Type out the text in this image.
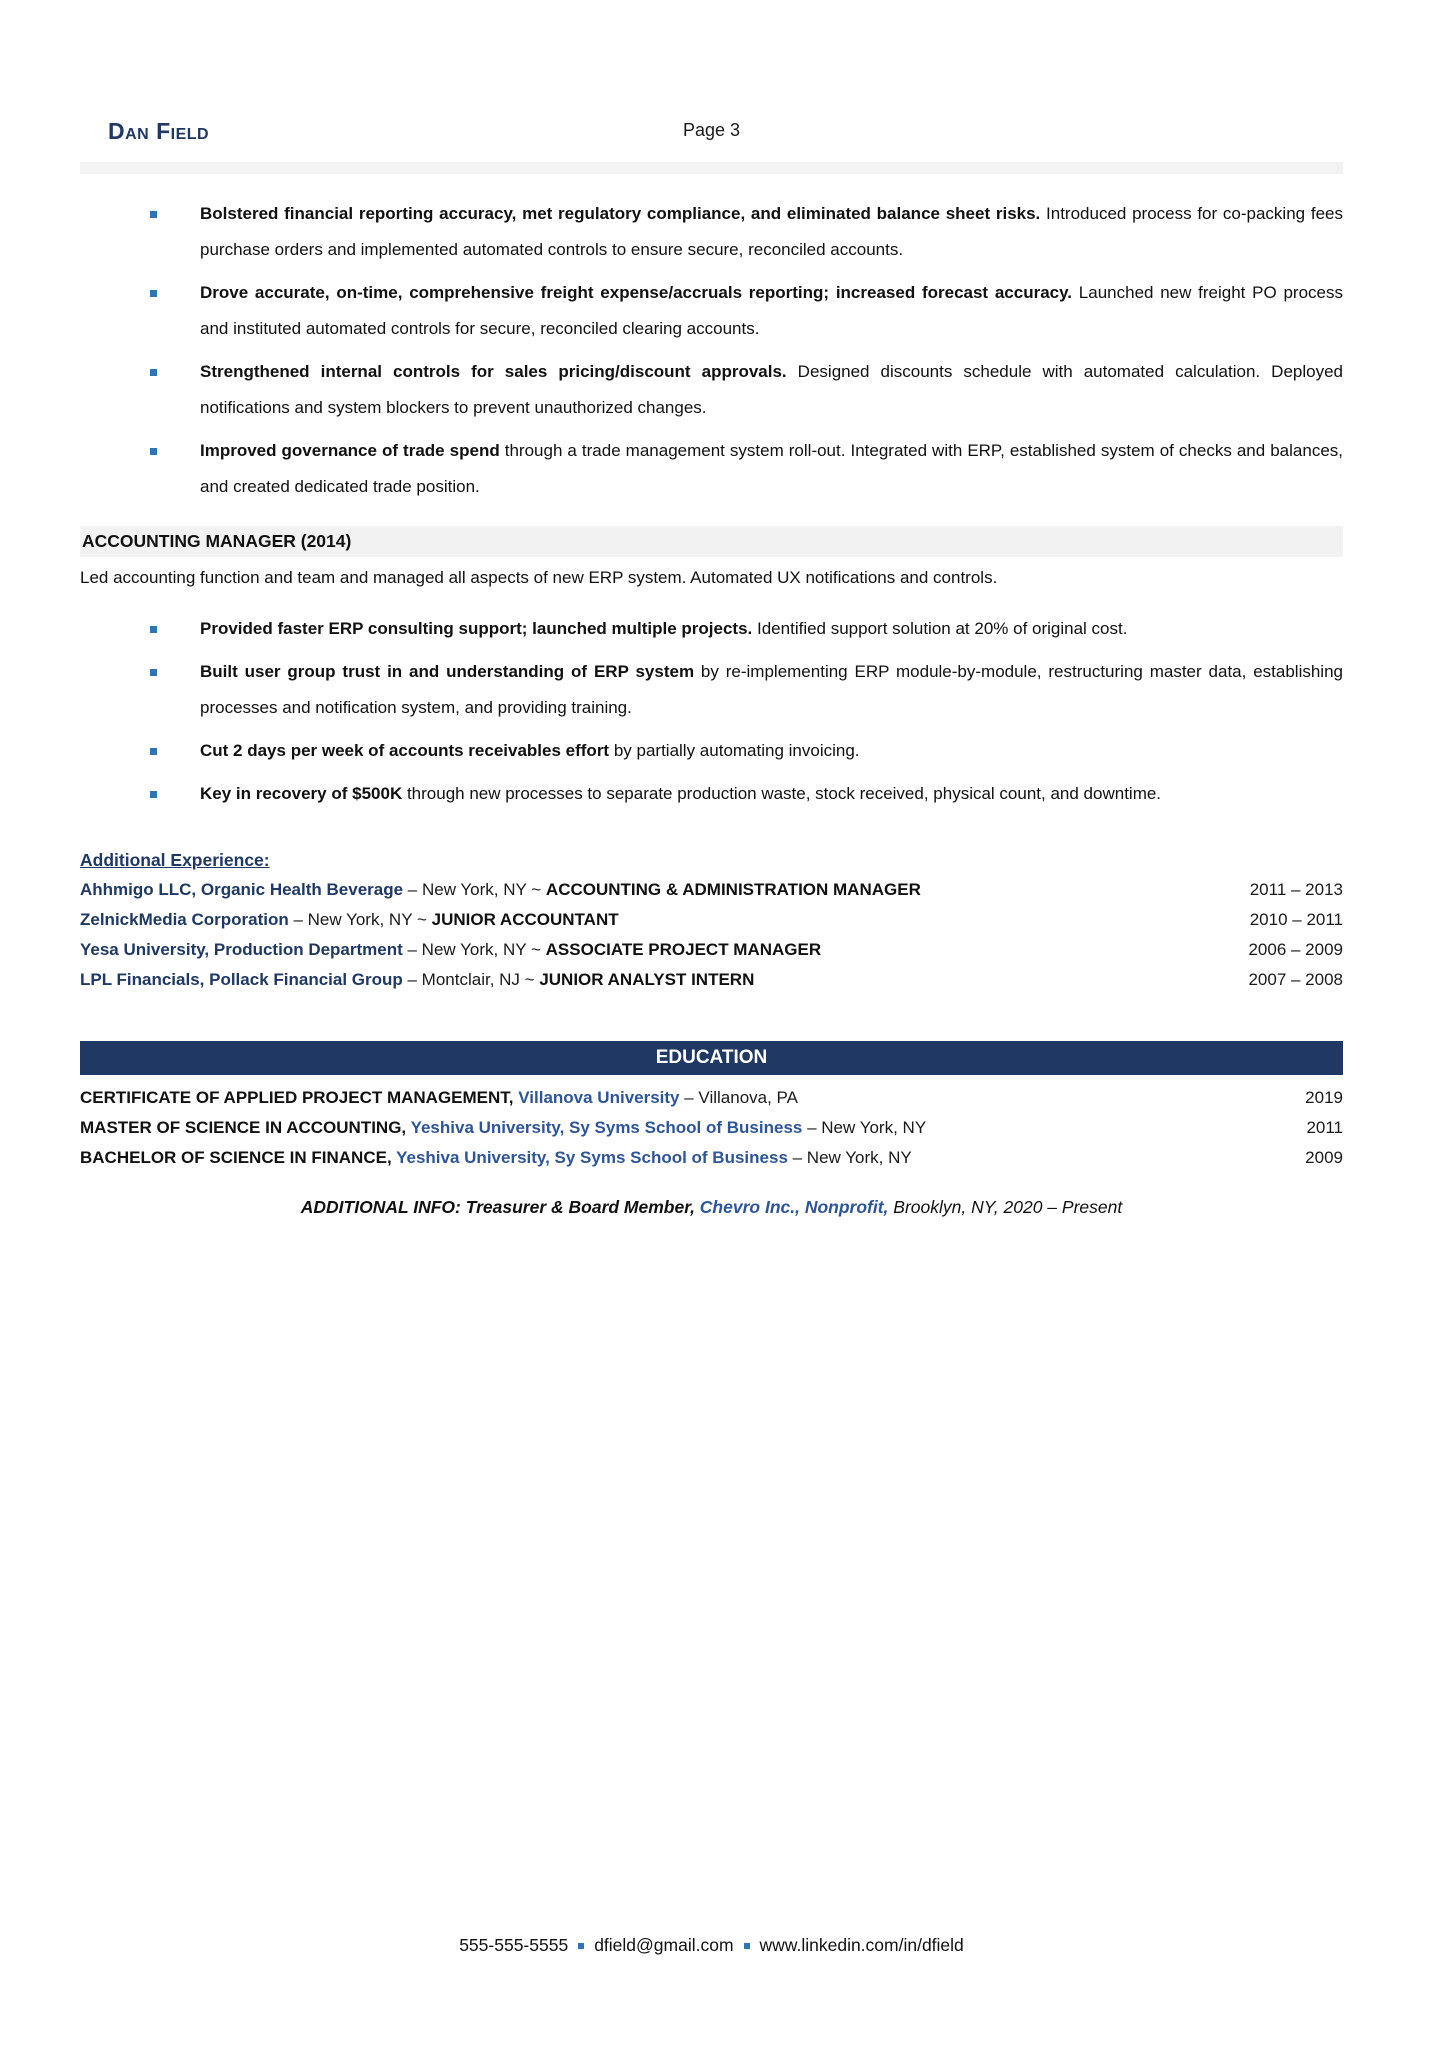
Dan Field	Page 3
Bolstered financial reporting accuracy, met regulatory compliance, and eliminated balance sheet risks. Introduced process for co-packing fees purchase orders and implemented automated controls to ensure secure, reconciled accounts.
Drove accurate, on-time, comprehensive freight expense/accruals reporting; increased forecast accuracy. Launched new freight PO process and instituted automated controls for secure, reconciled clearing accounts.
Strengthened internal controls for sales pricing/discount approvals. Designed discounts schedule with automated calculation. Deployed notifications and system blockers to prevent unauthorized changes.
Improved governance of trade spend through a trade management system roll-out. Integrated with ERP, established system of checks and balances, and created dedicated trade position.
ACCOUNTING MANAGER (2014)
Led accounting function and team and managed all aspects of new ERP system. Automated UX notifications and controls.
Provided faster ERP consulting support; launched multiple projects. Identified support solution at 20% of original cost.
Built user group trust in and understanding of ERP system by re-implementing ERP module-by-module, restructuring master data, establishing processes and notification system, and providing training.
Cut 2 days per week of accounts receivables effort by partially automating invoicing.
Key in recovery of $500K through new processes to separate production waste, stock received, physical count, and downtime.
Additional Experience:
Ahhmigo LLC, Organic Health Beverage – New York, NY ~ ACCOUNTING & ADMINISTRATION MANAGER	2011 – 2013
ZelnickMedia Corporation – New York, NY ~ JUNIOR ACCOUNTANT	2010 – 2011
Yesa University, Production Department – New York, NY ~ ASSOCIATE PROJECT MANAGER	2006 – 2009
LPL Financials, Pollack Financial Group – Montclair, NJ ~ JUNIOR ANALYST INTERN	2007 – 2008
EDUCATION
CERTIFICATE OF APPLIED PROJECT MANAGEMENT, Villanova University – Villanova, PA	2019
MASTER OF SCIENCE IN ACCOUNTING, Yeshiva University, Sy Syms School of Business – New York, NY	2011
BACHELOR OF SCIENCE IN FINANCE, Yeshiva University, Sy Syms School of Business – New York, NY	2009
ADDITIONAL INFO: Treasurer & Board Member, Chevro Inc., Nonprofit, Brooklyn, NY, 2020 – Present
555-555-5555 dfield@gmail.com www.linkedin.com/in/dfield
